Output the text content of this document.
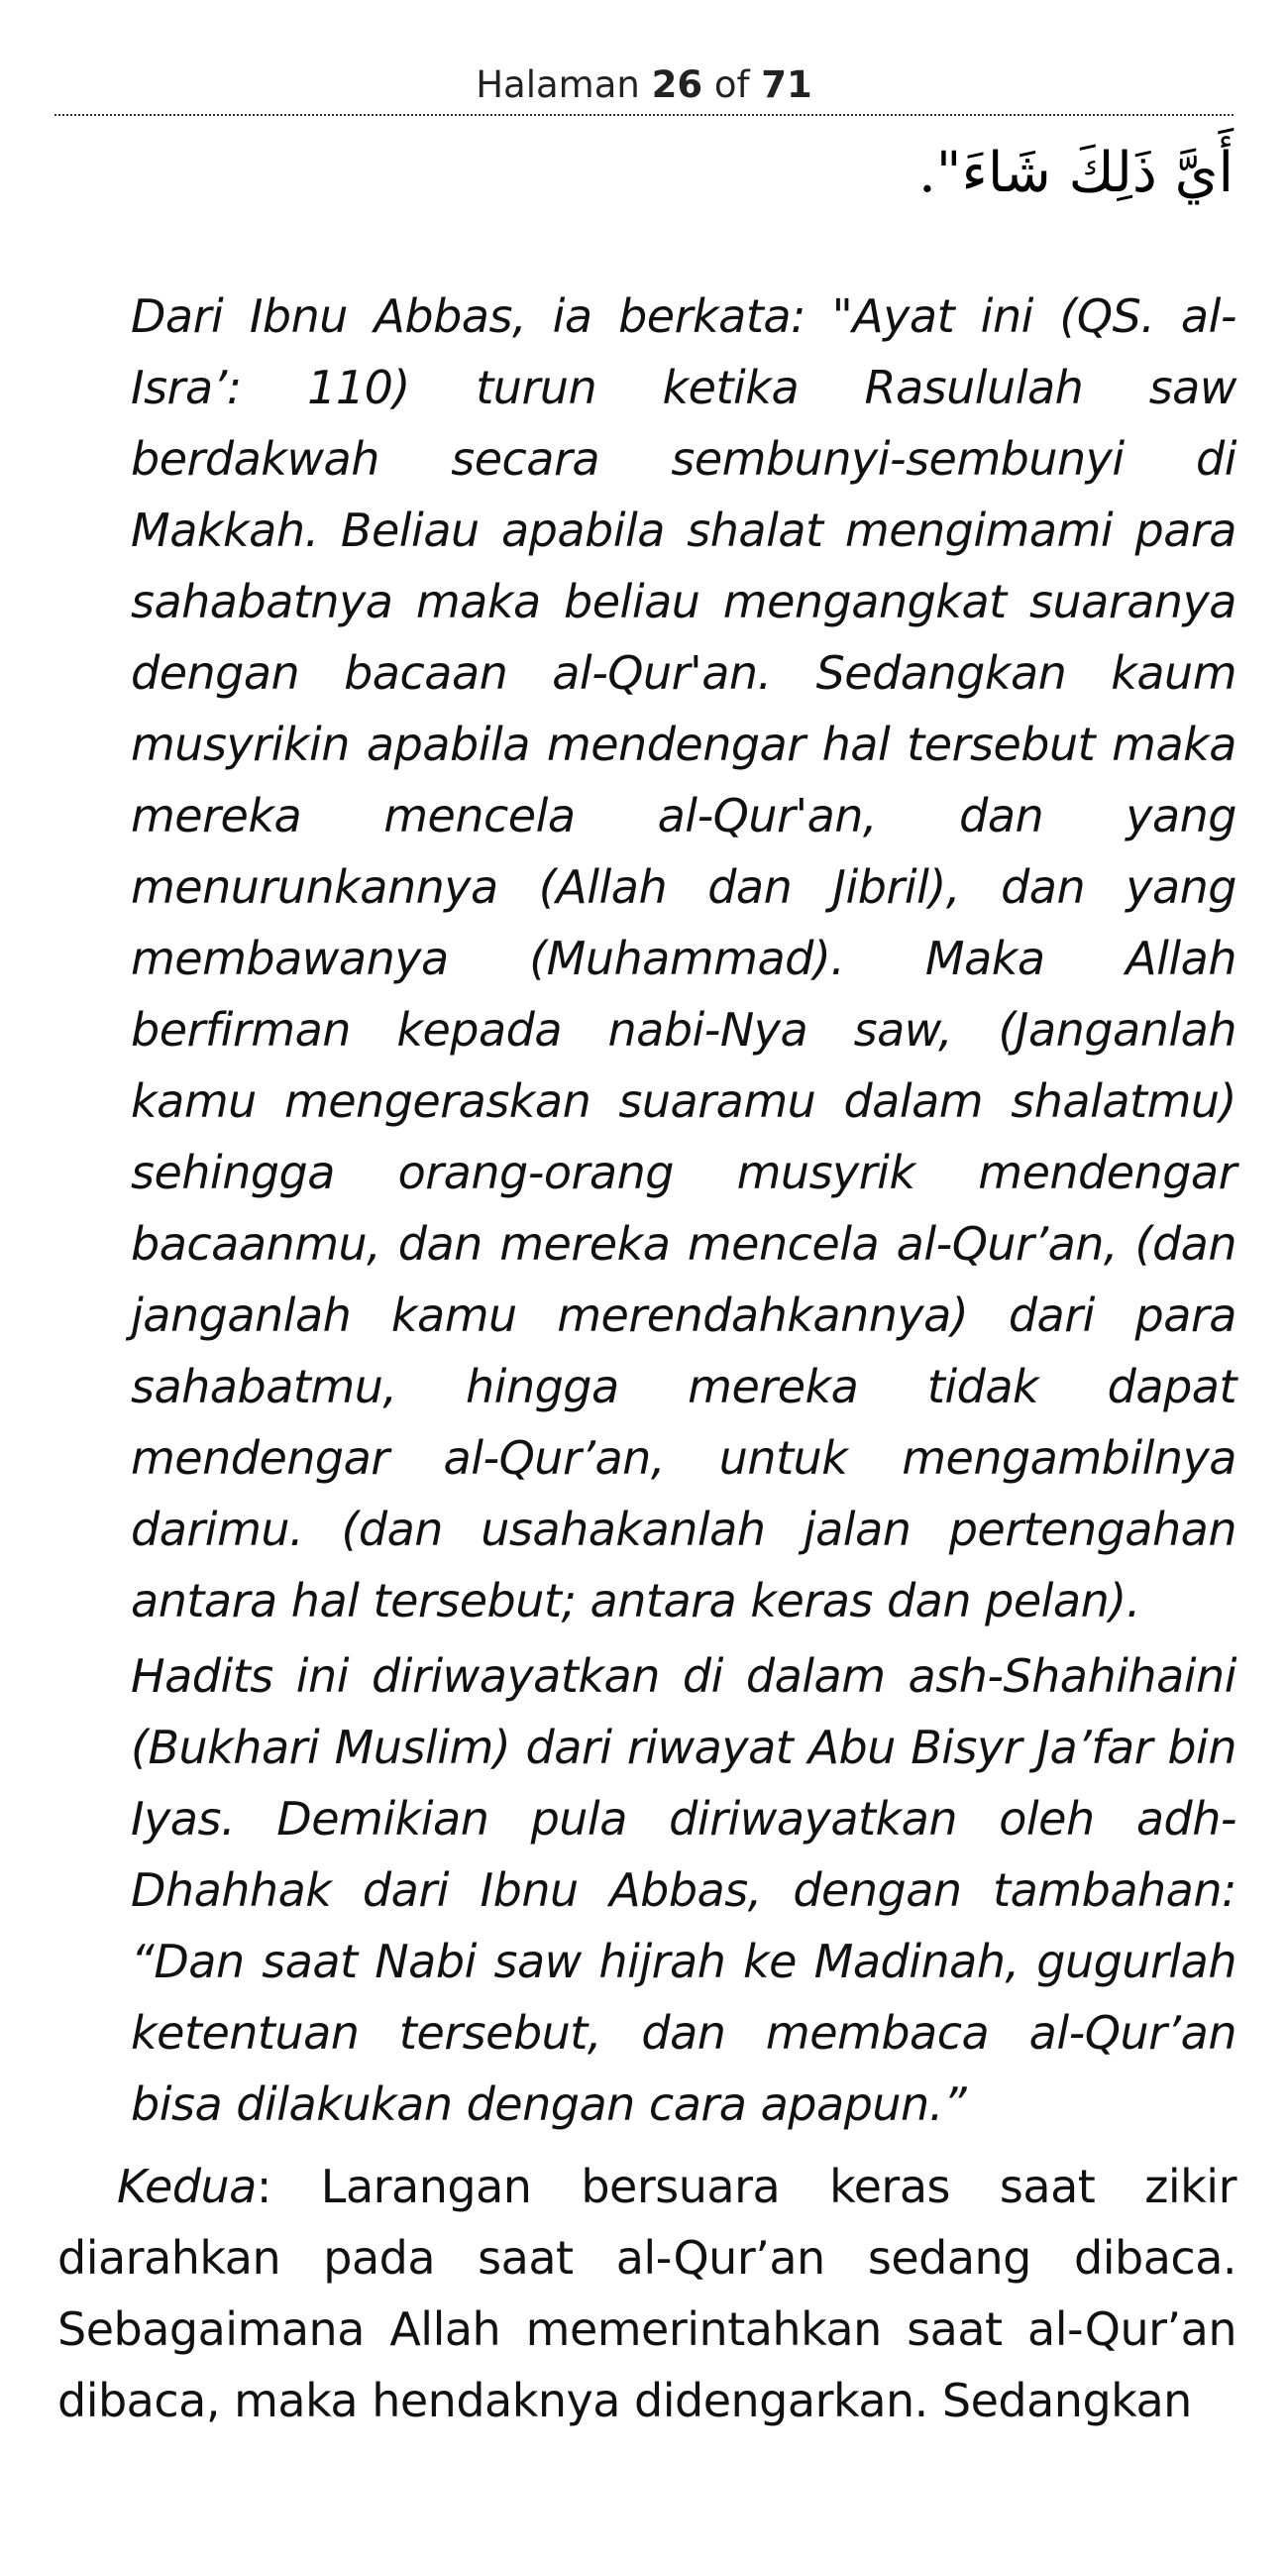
Halaman 26 of 71
أَيَّ ذَلِكَ شَاءَ".

Dari Ibnu Abbas, ia berkata: "Ayat ini (QS. al-Isra’: 110) turun ketika Rasululah saw berdakwah secara sembunyi-sembunyi di Makkah. Beliau apabila shalat mengimami para sahabatnya maka beliau mengangkat suaranya dengan bacaan al-Qur'an. Sedangkan kaum musyrikin apabila mendengar hal tersebut maka mereka mencela al-Qur'an, dan yang menurunkannya (Allah dan Jibril), dan yang membawanya (Muhammad). Maka Allah berfirman kepada nabi-Nya saw, (Janganlah kamu mengeraskan suaramu dalam shalatmu) sehingga orang-orang musyrik mendengar bacaanmu, dan mereka mencela al-Qur’an, (dan janganlah kamu merendahkannya) dari para sahabatmu, hingga mereka tidak dapat mendengar al-Qur’an, untuk mengambilnya darimu. (dan usahakanlah jalan pertengahan antara hal tersebut; antara keras dan pelan).

Hadits ini diriwayatkan di dalam ash-Shahihaini (Bukhari Muslim) dari riwayat Abu Bisyr Ja’far bin Iyas. Demikian pula diriwayatkan oleh adh-Dhahhak dari Ibnu Abbas, dengan tambahan: “Dan saat Nabi saw hijrah ke Madinah, gugurlah ketentuan tersebut, dan membaca al-Qur’an bisa dilakukan dengan cara apapun.”

Kedua: Larangan bersuara keras saat zikir diarahkan pada saat al-Qur’an sedang dibaca. Sebagaimana Allah memerintahkan saat al-Qur’an dibaca, maka hendaknya didengarkan. Sedangkan
